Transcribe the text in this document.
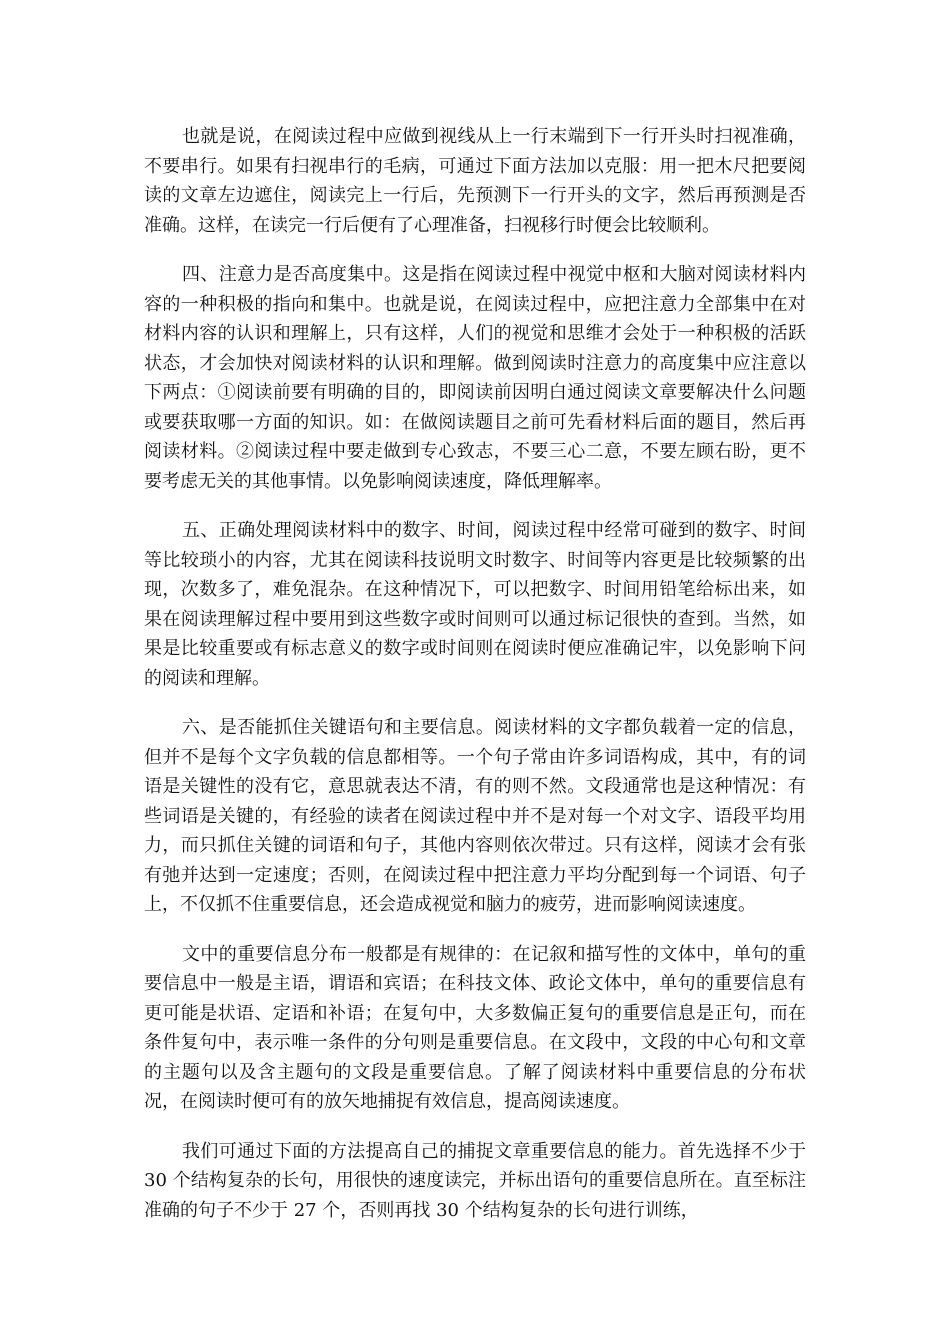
也就是说，在阅读过程中应做到视线从上一行末端到下一行开头时扫视准确，不要串行。如果有扫视串行的毛病，可通过下面方法加以克服：用一把木尺把要阅读的文章左边遮住，阅读完上一行后，先预测下一行开头的文字，然后再预测是否准确。这样，在读完一行后便有了心理准备，扫视移行时便会比较顺利。

四、注意力是否高度集中。这是指在阅读过程中视觉中枢和大脑对阅读材料内容的一种积极的指向和集中。也就是说，在阅读过程中，应把注意力全部集中在对材料内容的认识和理解上，只有这样，人们的视觉和思维才会处于一种积极的活跃状态，才会加快对阅读材料的认识和理解。做到阅读时注意力的高度集中应注意以下两点：①阅读前要有明确的目的，即阅读前因明白通过阅读文章要解决什么问题或要获取哪一方面的知识。如：在做阅读题目之前可先看材料后面的题目，然后再阅读材料。②阅读过程中要走做到专心致志，不要三心二意，不要左顾右盼，更不要考虑无关的其他事情。以免影响阅读速度，降低理解率。

五、正确处理阅读材料中的数字、时间，阅读过程中经常可碰到的数字、时间等比较琐小的内容，尤其在阅读科技说明文时数字、时间等内容更是比较频繁的出现，次数多了，难免混杂。在这种情况下，可以把数字、时间用铅笔给标出来，如果在阅读理解过程中要用到这些数字或时间则可以通过标记很快的查到。当然，如果是比较重要或有标志意义的数字或时间则在阅读时便应准确记牢，以免影响下问的阅读和理解。

六、是否能抓住关键语句和主要信息。阅读材料的文字都负载着一定的信息，但并不是每个文字负载的信息都相等。一个句子常由许多词语构成，其中，有的词语是关键性的没有它，意思就表达不清，有的则不然。文段通常也是这种情况：有些词语是关键的，有经验的读者在阅读过程中并不是对每一个对文字、语段平均用力，而只抓住关键的词语和句子，其他内容则依次带过。只有这样，阅读才会有张有弛并达到一定速度；否则，在阅读过程中把注意力平均分配到每一个词语、句子上，不仅抓不住重要信息，还会造成视觉和脑力的疲劳，进而影响阅读速度。

文中的重要信息分布一般都是有规律的：在记叙和描写性的文体中，单句的重要信息中一般是主语，谓语和宾语；在科技文体、政论文体中，单句的重要信息有更可能是状语、定语和补语；在复句中，大多数偏正复句的重要信息是正句，而在条件复句中，表示唯一条件的分句则是重要信息。在文段中，文段的中心句和文章的主题句以及含主题句的文段是重要信息。了解了阅读材料中重要信息的分布状况，在阅读时便可有的放矢地捕捉有效信息，提高阅读速度。

我们可通过下面的方法提高自己的捕捉文章重要信息的能力。首先选择不少于 30 个结构复杂的长句，用很快的速度读完，并标出语句的重要信息所在。直至标注准确的句子不少于 27 个，否则再找 30 个结构复杂的长句进行训练，
